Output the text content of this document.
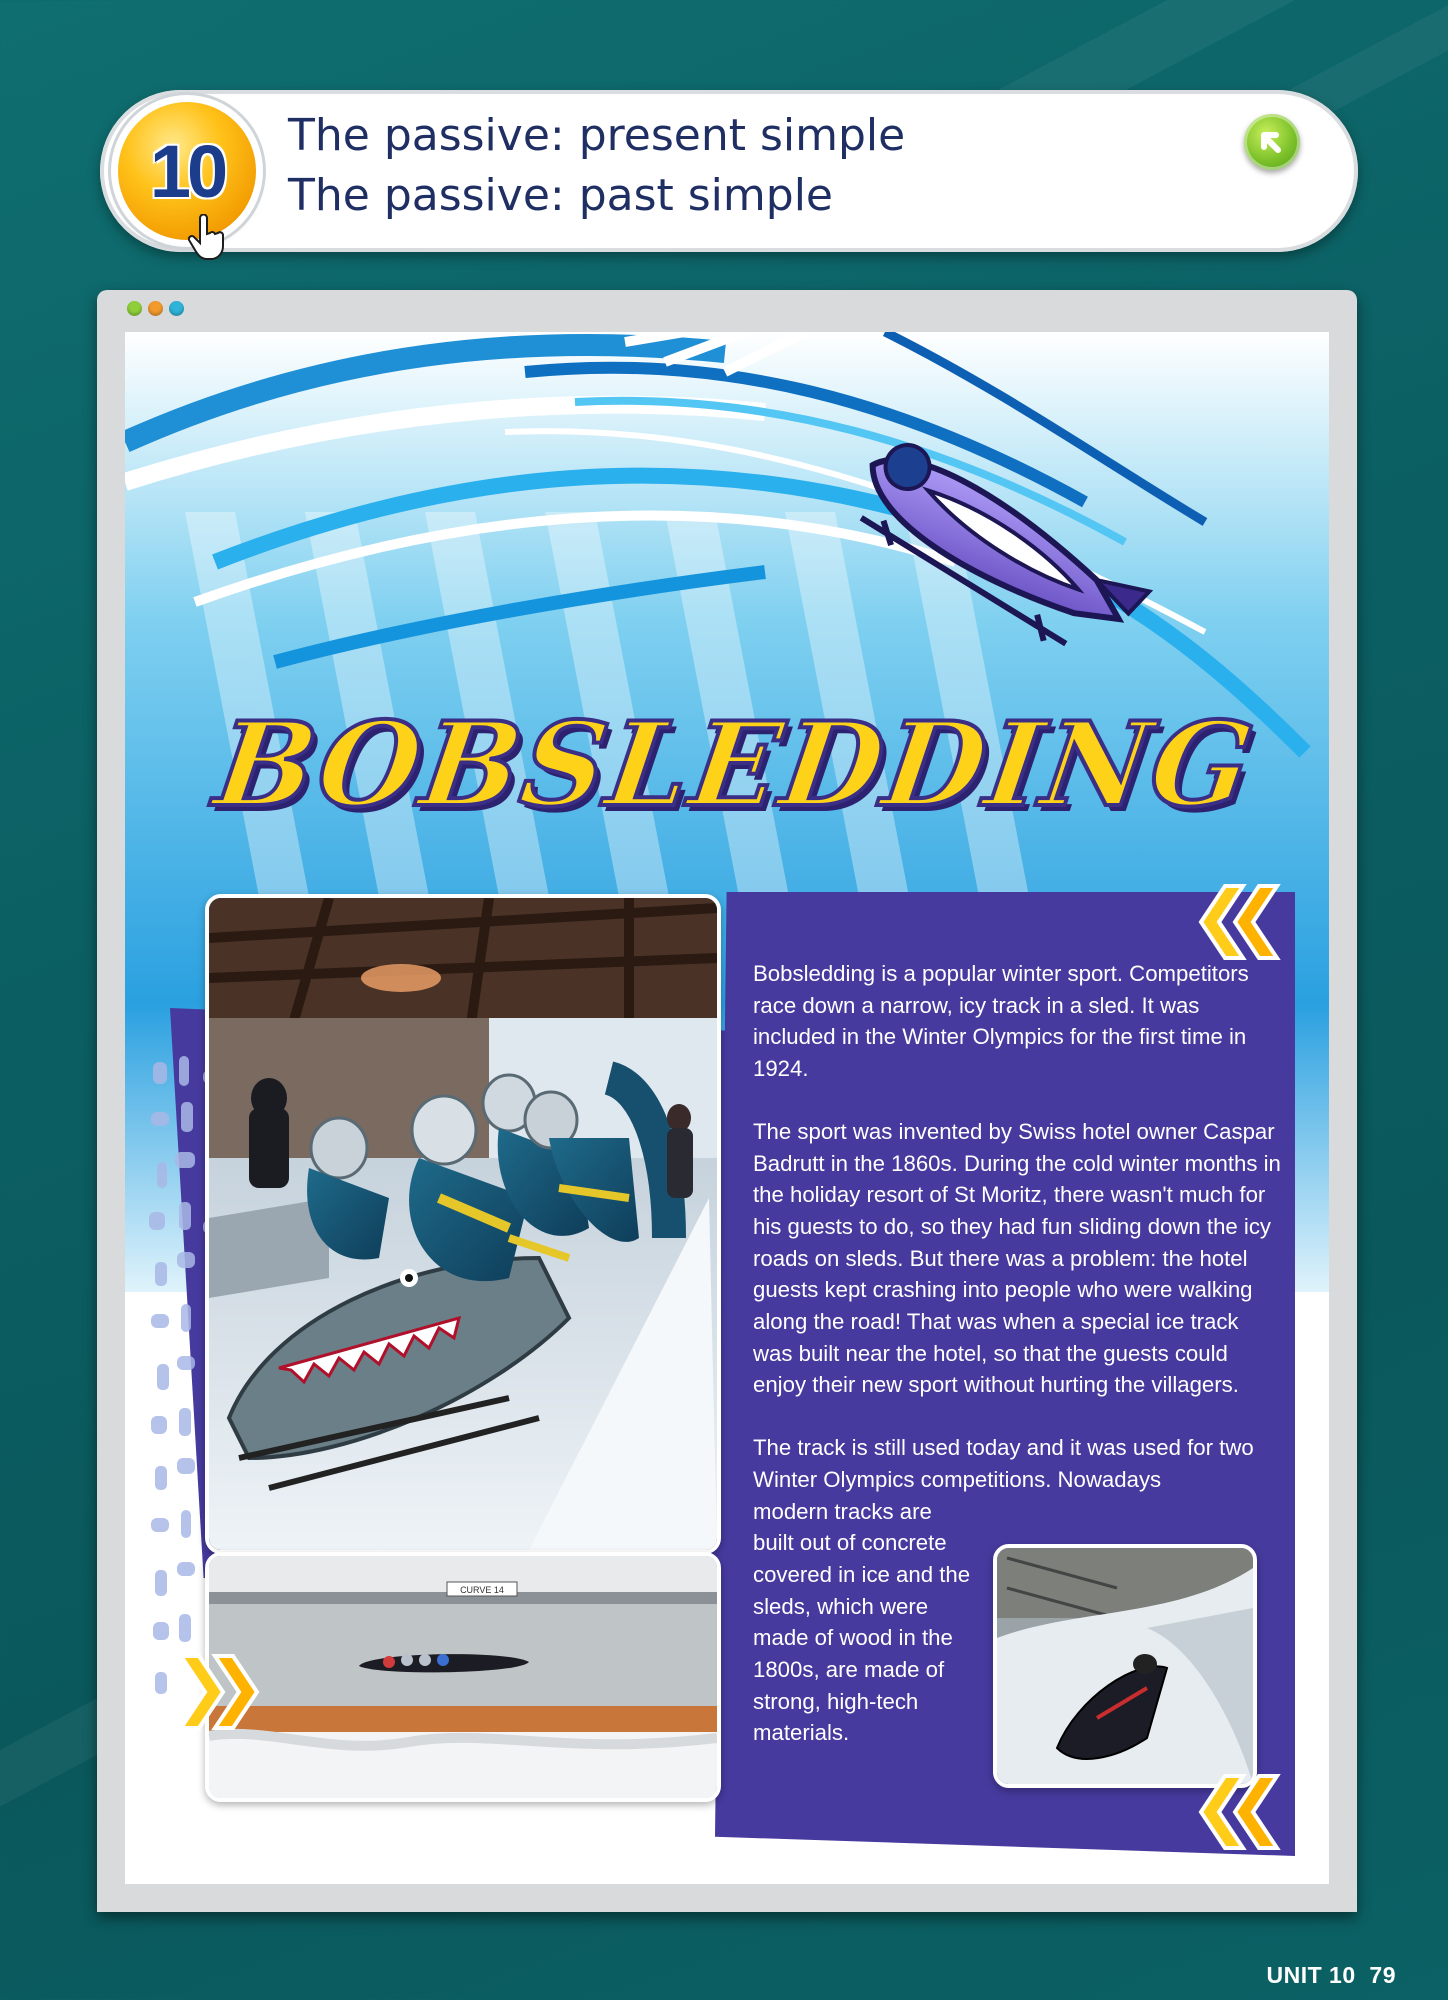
10 The passive: present simple
The passive: past simple
BOBSLEDDING
CURVE 14

Bobsledding is a popular winter sport. Competitors race down a narrow, icy track in a sled. It was included in the Winter Olympics for the first time in 1924.

The sport was invented by Swiss hotel owner Caspar Badrutt in the 1860s. During the cold winter months in the holiday resort of St Moritz, there wasn't much for his guests to do, so they had fun sliding down the icy roads on sleds. But there was a problem: the hotel guests kept crashing into people who were walking along the road! That was when a special ice track was built near the hotel, so that the guests could enjoy their new sport without hurting the villagers.

The track is still used today and it was used for two Winter Olympics competitions. Nowadays

modern tracks are built out of concrete covered in ice and the sleds, which were made of wood in the 1800s, are made of strong, high-tech materials.

UNIT 10 79
